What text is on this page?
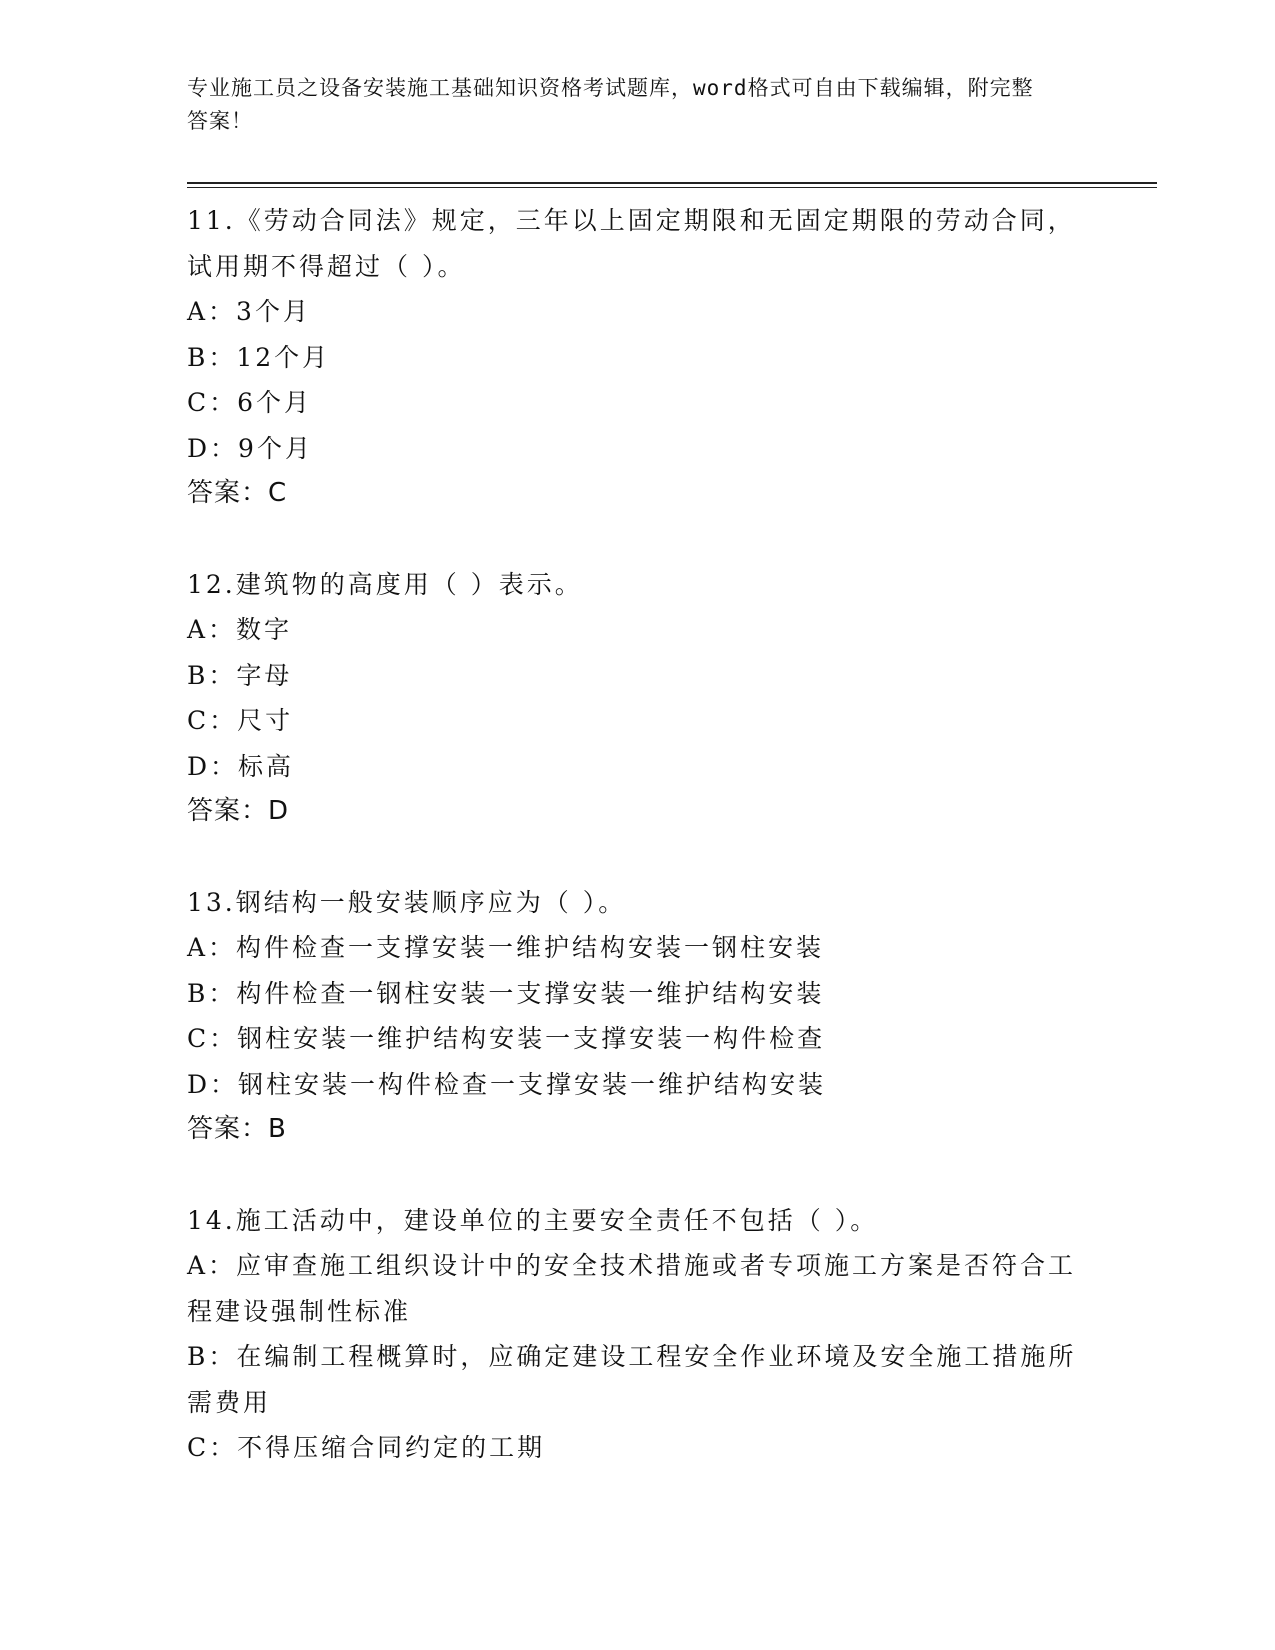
专业施工员之设备安装施工基础知识资格考试题库，word格式可自由下载编辑，附完整答案！
11.《劳动合同法》规定，三年以上固定期限和无固定期限的劳动合同，试用期不得超过（ ）。
A：3个月
B：12个月
C：6个月
D：9个月
答案：C
12.建筑物的高度用（ ）表示。
A：数字
B：字母
C：尺寸
D：标高
答案：D
13.钢结构一般安装顺序应为（ ）。
A：构件检查一支撑安装一维护结构安装一钢柱安装
B：构件检查一钢柱安装一支撑安装一维护结构安装
C：钢柱安装一维护结构安装一支撑安装一构件检查
D：钢柱安装一构件检查一支撑安装一维护结构安装
答案：B
14.施工活动中，建设单位的主要安全责任不包括（ ）。
A：应审查施工组织设计中的安全技术措施或者专项施工方案是否符合工程建设强制性标准
B：在编制工程概算时，应确定建设工程安全作业环境及安全施工措施所需费用
C：不得压缩合同约定的工期
